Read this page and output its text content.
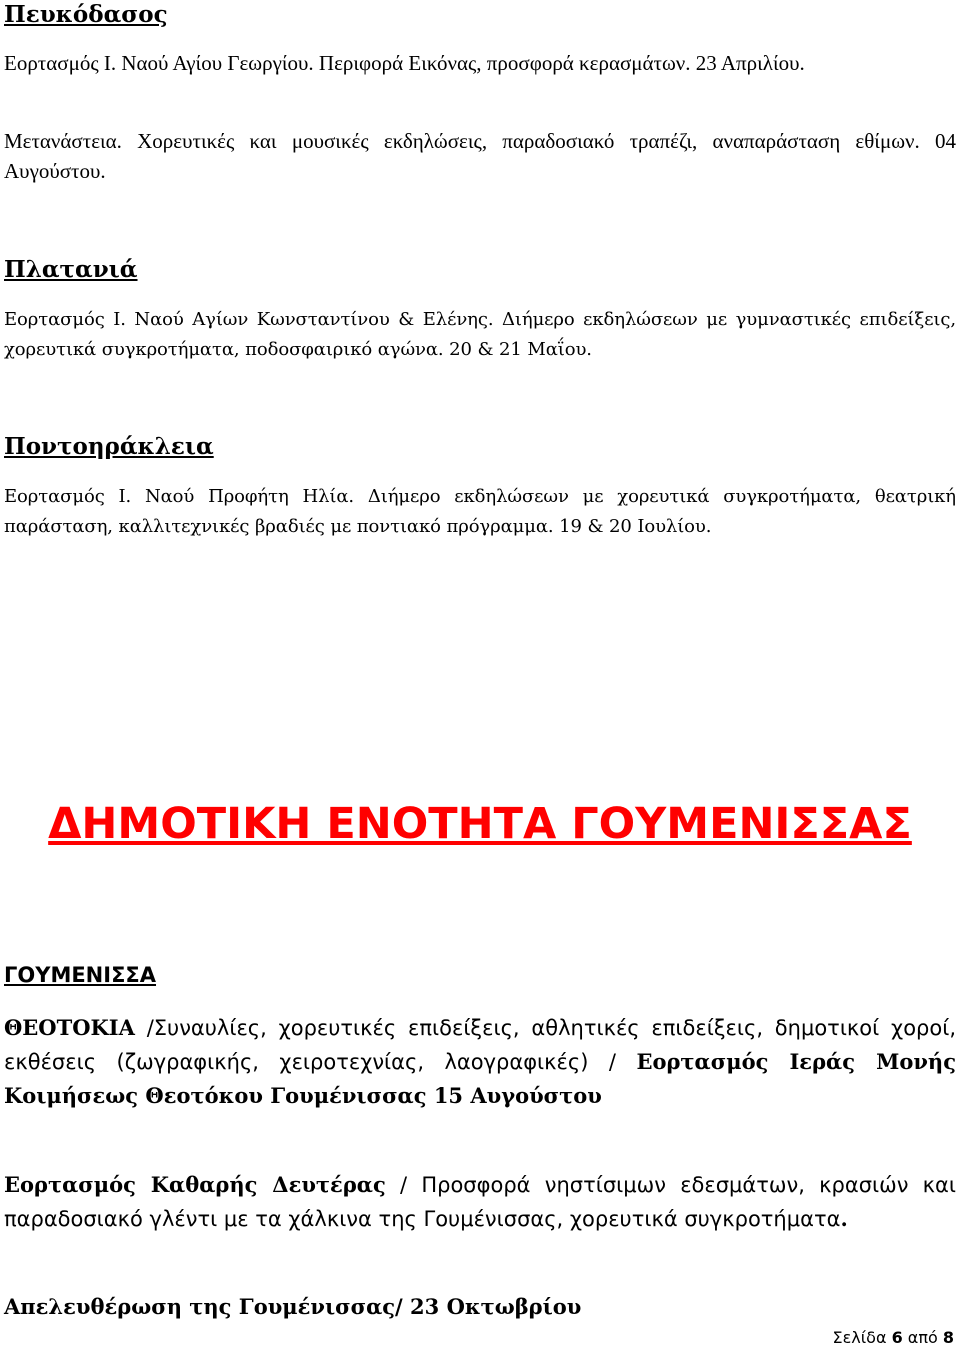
Πευκόδασος
Εορτασμός Ι. Ναού Αγίου Γεωργίου. Περιφορά Εικόνας, προσφορά κερασμάτων. 23 Απριλίου.
Μετανάστεια. Χορευτικές και μουσικές εκδηλώσεις, παραδοσιακό τραπέζι, αναπαράσταση εθίμων. 04 Αυγούστου.
Πλατανιά
Εορτασμός Ι. Ναού Αγίων Κωνσταντίνου & Ελένης. Διήμερο εκδηλώσεων με γυμναστικές επιδείξεις, χορευτικά συγκροτήματα, ποδοσφαιρικό αγώνα. 20 & 21 Μαΐου.
Ποντοηράκλεια
Εορτασμός Ι. Ναού Προφήτη Ηλία. Διήμερο εκδηλώσεων με χορευτικά συγκροτήματα, θεατρική παράσταση, καλλιτεχνικές βραδιές με ποντιακό πρόγραμμα. 19 & 20 Ιουλίου.
ΔΗΜΟΤΙΚΗ ΕΝΟΤΗΤΑ ΓΟΥΜΕΝΙΣΣΑΣ
ΓΟΥΜΕΝΙΣΣΑ
ΘΕΟΤΟΚΙΑ /Συναυλίες, χορευτικές επιδείξεις, αθλητικές επιδείξεις, δημοτικοί χοροί, εκθέσεις (ζωγραφικής, χειροτεχνίας, λαογραφικές) / Εορτασμός Ιεράς Μονής Κοιμήσεως Θεοτόκου Γουμένισσας 15 Αυγούστου
Εορτασμός Καθαρής Δευτέρας / Προσφορά νηστίσιμων εδεσμάτων, κρασιών και παραδοσιακό γλέντι με τα χάλκινα της Γουμένισσας, χορευτικά συγκροτήματα.
Απελευθέρωση της Γουμένισσας/ 23 Οκτωβρίου
Σελίδα 6 από 8
